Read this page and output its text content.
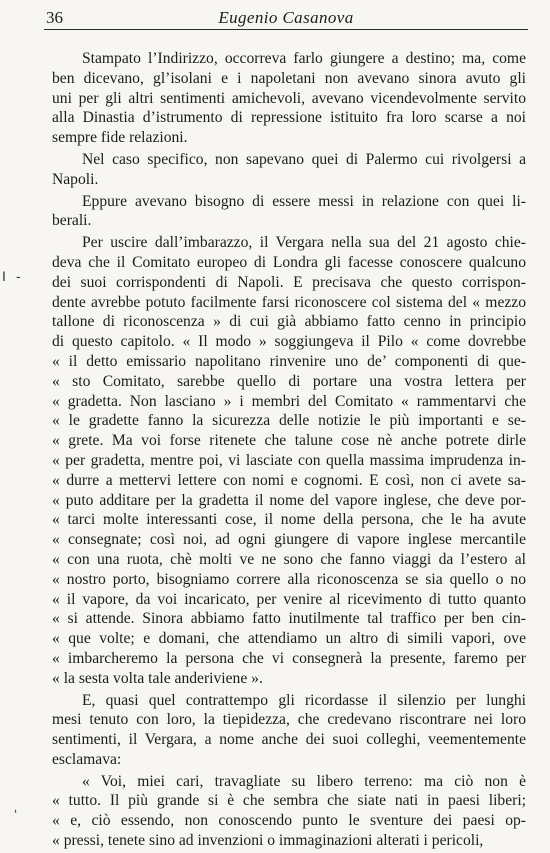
36	Eugenio Casanova
I -
‘
Stampato l’Indirizzo, occorreva farlo giungere a destino; ma, come
ben dicevano, gl’isolani e i napoletani non avevano sinora avuto gli
uni per gli altri sentimenti amichevoli, avevano vicendevolmente servito
alla Dinastia d’istrumento di repressione istituito fra loro scarse a noi
sempre fide relazioni.
Nel caso specifico, non sapevano quei di Palermo cui rivolgersi a
Napoli.
Eppure avevano bisogno di essere messi in relazione con quei li-
berali.
Per uscire dall’imbarazzo, il Vergara nella sua del 21 agosto chie-
deva che il Comitato europeo di Londra gli facesse conoscere qualcuno
dei suoi corrispondenti di Napoli. E precisava che questo corrispon-
dente avrebbe potuto facilmente farsi riconoscere col sistema del « mezzo
tallone di riconoscenza » di cui già abbiamo fatto cenno in principio
di questo capitolo. « Il modo » soggiungeva il Pilo « come dovrebbe
« il detto emissario napolitano rinvenire uno de’ componenti di que-
« sto Comitato, sarebbe quello di portare una vostra lettera per
« gradetta. Non lasciano » i membri del Comitato « rammentarvi che
« le gradette fanno la sicurezza delle notizie le più importanti e se-
« grete. Ma voi forse ritenete che talune cose nè anche potrete dirle
« per gradetta, mentre poi, vi lasciate con quella massima imprudenza in-
« durre a mettervi lettere con nomi e cognomi. E così, non ci avete sa-
« puto additare per la gradetta il nome del vapore inglese, che deve por-
« tarci molte interessanti cose, il nome della persona, che le ha avute
« consegnate; così noi, ad ogni giungere di vapore inglese mercantile
« con una ruota, chè molti ve ne sono che fanno viaggi da l’estero al
« nostro porto, bisogniamo correre alla riconoscenza se sia quello o no
« il vapore, da voi incaricato, per venire al ricevimento di tutto quanto
« si attende. Sinora abbiamo fatto inutilmente tal traffico per ben cin-
« que volte; e domani, che attendiamo un altro di simili vapori, ove
« imbarcheremo la persona che vi consegnerà la presente, faremo per
« la sesta volta tale anderiviene ».
E, quasi quel contrattempo gli ricordasse il silenzio per lunghi
mesi tenuto con loro, la tiepidezza, che credevano riscontrare nei loro
sentimenti, il Vergara, a nome anche dei suoi colleghi, veementemente
esclamava:
« Voi, miei cari, travagliate su libero terreno: ma ciò non è
« tutto. Il più grande si è che sembra che siate nati in paesi liberi;
« e, ciò essendo, non conoscendo punto le sventure dei paesi op-
« pressi, tenete sino ad invenzioni o immaginazioni alterati i pericoli,
